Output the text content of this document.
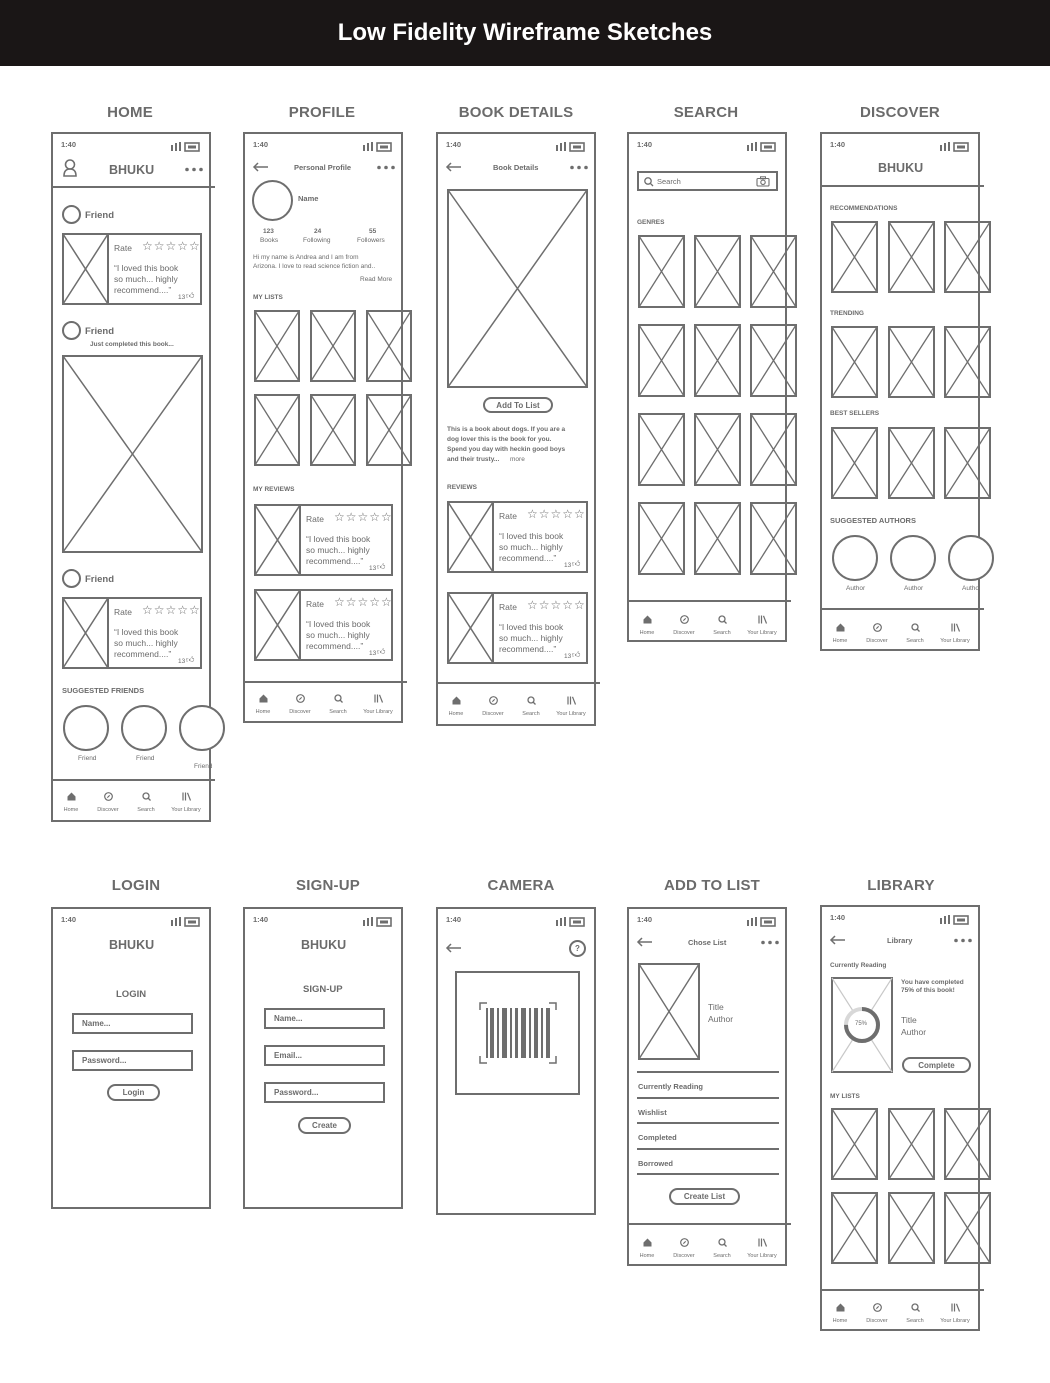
Low Fidelity Wireframe Sketches
HOME	PROFILE	BOOK DETAILS	SEARCH	DISCOVER
LOGIN	SIGN-UP	CAMERA	ADD TO LIST	LIBRARY
1:40
BHUKU
Friend
Rate ☆☆☆☆☆
“I loved this book
so much... highly
recommend....”
13 👍︎
Friend
Just completed this book...
Friend
Rate ☆☆☆☆☆
“I loved this book
so much... highly
recommend....”
13 👍︎
SUGGESTED FRIENDS
Friend	Friend
Friend
Home	Discover	Search	Your Library
1:40
Personal Profile
Name
123
Books
24
Following
55
Followers
Hi my name is Andrea and I am from
Arizona. I love to read science fiction and..
Read More
MY LISTS
MY REVIEWS
Rate ☆☆☆☆☆
“I loved this book
so much... highly
recommend....”
13 👍︎
Rate ☆☆☆☆☆
“I loved this book
so much... highly
recommend....”
13 👍︎
Home	Discover	Search	Your Library
1:40
Book Details
Add To List
This is a book about dogs. If you are a
dog lover this is the book for you.
Spend you day with heckin good boys
and their trusty... more
REVIEWS
Rate ☆☆☆☆☆
“I loved this book
so much... highly
recommend....”
13 👍︎
Rate ☆☆☆☆☆
“I loved this book
so much... highly
recommend....”
13 👍︎
Home	Discover	Search	Your Library
1:40
Search
GENRES
Home	Discover	Search	Your Library
1:40
BHUKU
RECOMMENDATIONS
TRENDING
BEST SELLERS
SUGGESTED AUTHORS
Author	Author	Autho
Home	Discover	Search	Your Library
1:40
BHUKU
LOGIN
Name...
Password...
Login
1:40
BHUKU
SIGN-UP
Name...
Email...
Password...
Create
1:40
?
1:40
Chose List
Title
Author
Currently Reading
Wishlist
Completed
Borrowed
Create List
Home	Discover	Search	Your Library
1:40
Library
Currently Reading
75%
You have completed
75% of this book!
Title
Author
Complete
MY LISTS
Home	Discover	Search	Your Library
